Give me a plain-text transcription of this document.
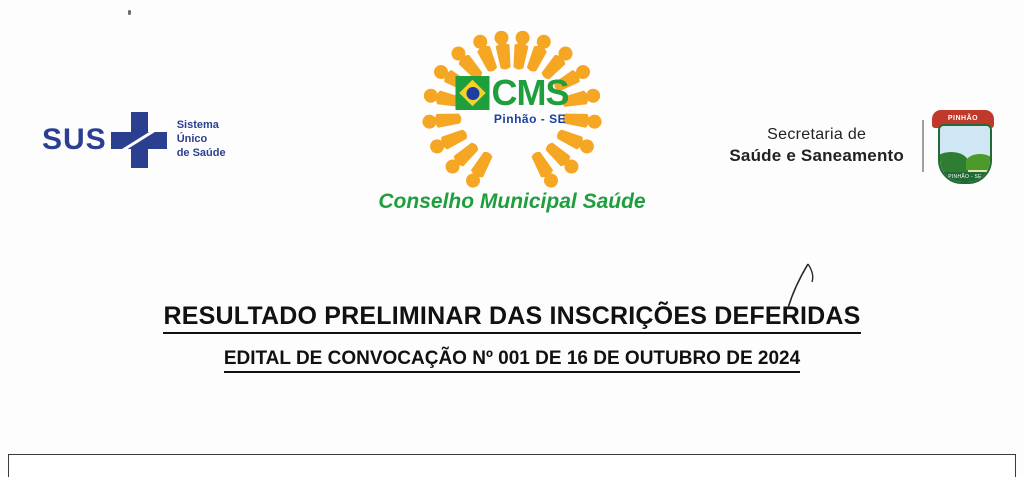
SUS	Sistema
Único
de Saúde
CMS
Pinhão - SE
Conselho Municipal Saúde
Secretaria de
Saúde e Saneamento
PINHÃO
PINHÃO - SE
RESULTADO PRELIMINAR DAS INSCRIÇÕES DEFERIDAS
EDITAL DE CONVOCAÇÃO Nº 001 DE 16 DE OUTUBRO DE 2024
